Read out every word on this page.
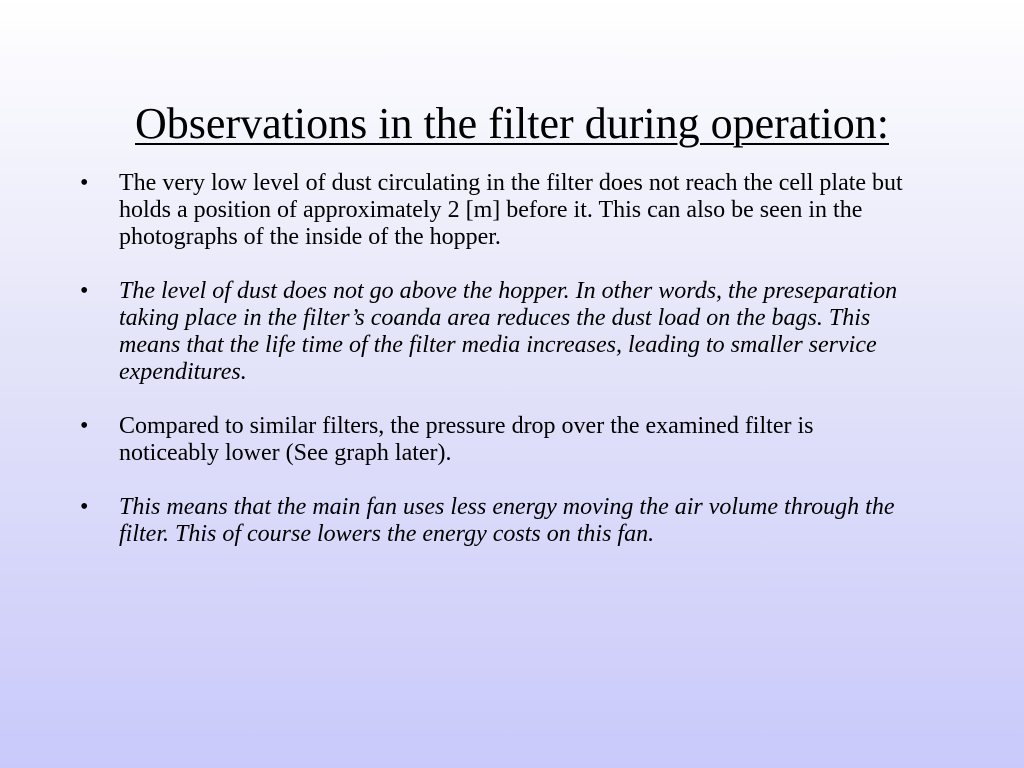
Observations in the filter during operation:
•	The very low level of dust circulating in the filter does not reach the cell plate but holds a position of approximately 2 [m] before it. This can also be seen in the photographs of the inside of the hopper.
•	The level of dust does not go above the hopper. In other words, the preseparation taking place in the filter’s coanda area reduces the dust load on the bags. This means that the life time of the filter media increases, leading to smaller service expenditures.
•	Compared to similar filters, the pressure drop over the examined filter is noticeably lower (See graph later).
•	This means that the main fan uses less energy moving the air volume through the filter. This of course lowers the energy costs on this fan.
